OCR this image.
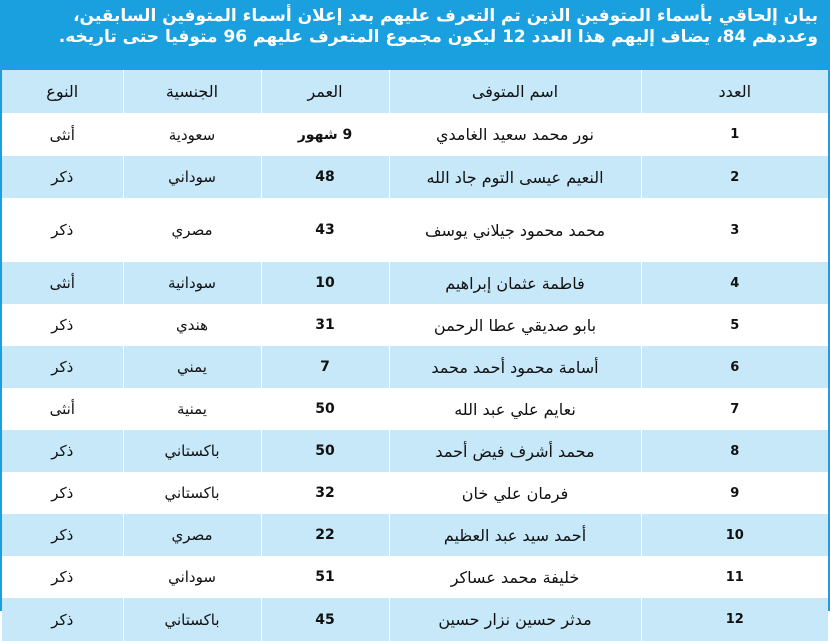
بيان إلحاقي بأسماء المتوفين الذين تم التعرف عليهم بعد إعلان أسماء المتوفين السابقين، وعددهم 84، يضاف إليهم هذا العدد 12 ليكون مجموع المتعرف عليهم 96 متوفيا حتى تاريخه.
العدد	اسم المتوفى	العمر	الجنسية	النوع
1	نور محمد سعيد الغامدي	9 شهور	سعودية	أنثى
2	النعيم عيسى التوم جاد الله	48	سوداني	ذكر
3	محمد محمود جيلاني يوسف	43	مصري	ذكر
4	فاطمة عثمان إبراهيم	10	سودانية	أنثى
5	بابو صديقي عطا الرحمن	31	هندي	ذكر
6	أسامة محمود أحمد محمد	7	يمني	ذكر
7	نعايم علي عبد الله	50	يمنية	أنثى
8	محمد أشرف فيض أحمد	50	باكستاني	ذكر
9	فرمان علي خان	32	باكستاني	ذكر
10	أحمد سيد عبد العظيم	22	مصري	ذكر
11	خليفة محمد عساكر	51	سوداني	ذكر
12	مدثر حسين نزار حسين	45	باكستاني	ذكر
